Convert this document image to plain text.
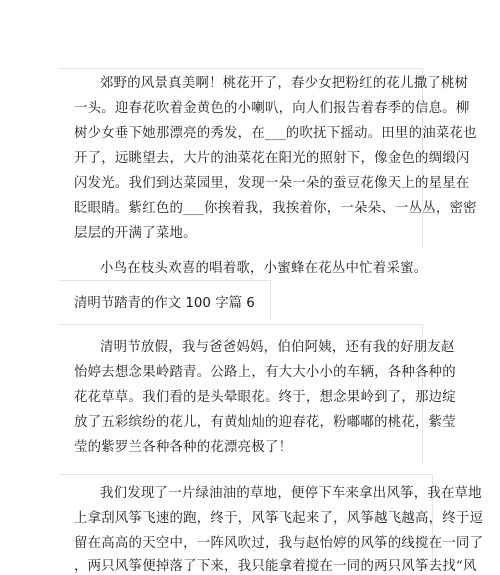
郊野的风景真美啊！桃花开了，春少女把粉红的花儿撒了桃树
一头。迎春花吹着金黄色的小喇叭，向人们报告着春季的信息。柳
树少女垂下她那漂亮的秀发，在___的吹抚下摇动。田里的油菜花也
开了，远眺望去，大片的油菜花在阳光的照射下，像金色的绸缎闪
闪发光。我们到达菜园里，发现一朵一朵的蚕豆花像天上的星星在
眨眼睛。紫红色的___你挨着我，我挨着你，一朵朵、一丛丛，密密
层层的开满了菜地。
小鸟在枝头欢喜的唱着歌，小蜜蜂在花丛中忙着采蜜。
清明节踏青的作文 100 字篇 6
清明节放假，我与爸爸妈妈，伯伯阿姨，还有我的好朋友赵
怡婷去想念果岭踏青。公路上，有大大小小的车辆，各种各种的
花花草草。我们看的是头晕眼花。终于，想念果岭到了，那边绽
放了五彩缤纷的花儿，有黄灿灿的迎春花，粉嘟嘟的桃花，紫莹
莹的紫罗兰各种各种的花漂亮极了！
我们发现了一片绿油油的草地，便停下车来拿出风筝，我在草地
上拿刮风筝飞速的跑，终于，风筝飞起来了，风筝越飞越高，终于逗
留在高高的天空中，一阵风吹过，我与赵怡婷的风筝的线搅在一同了
，两只风筝便掉落了下来，我只能拿着搅在一同的两只风筝去找“风
